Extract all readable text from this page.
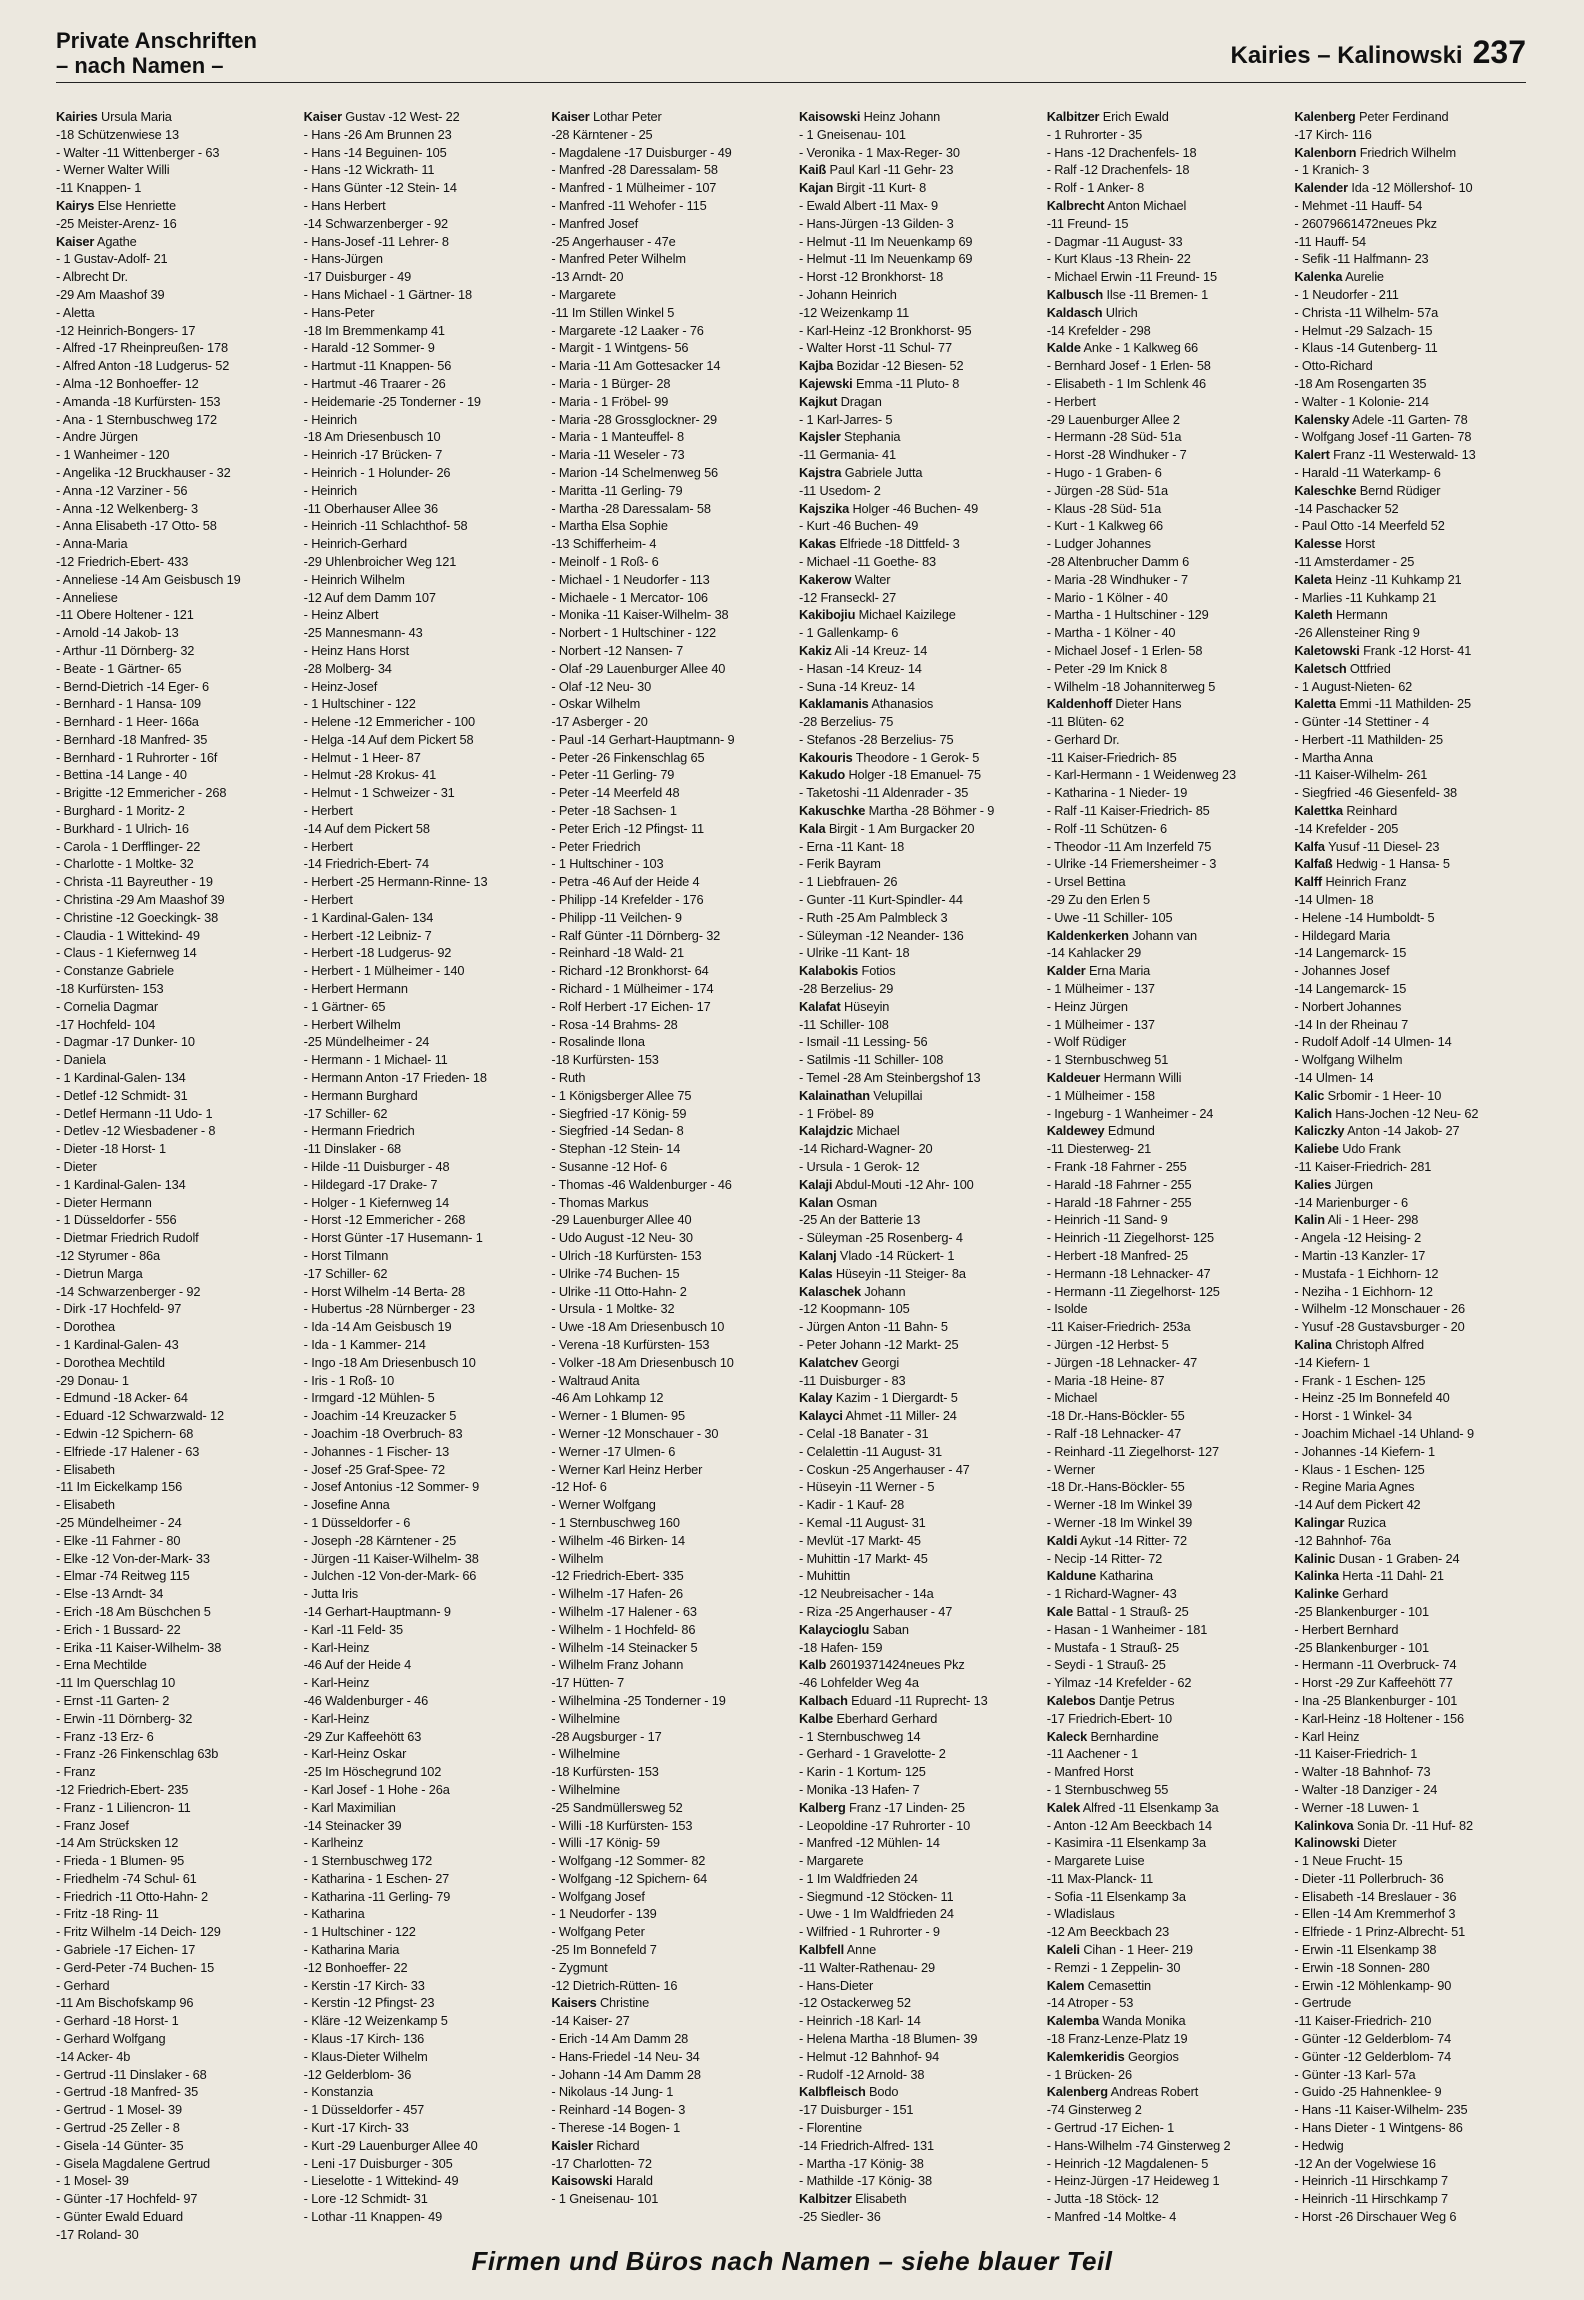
Private Anschriften
– nach Namen –	Kairies – Kalinowski 237
Kairies Ursula Maria
-18 Schützenwiese 13
- Walter -11 Wittenberger - 63
- Werner Walter Willi
-11 Knappen- 1
Kairys Else Henriette
-25 Meister-Arenz- 16
Kaiser Agathe
- 1 Gustav-Adolf- 21
- Albrecht Dr.
-29 Am Maashof 39
- Aletta
-12 Heinrich-Bongers- 17
- Alfred -17 Rheinpreußen- 178
- Alfred Anton -18 Ludgerus- 52
- Alma -12 Bonhoeffer- 12
- Amanda -18 Kurfürsten- 153
- Ana - 1 Sternbuschweg 172
- Andre Jürgen
- 1 Wanheimer - 120
- Angelika -12 Bruckhauser - 32
- Anna -12 Varziner - 56
- Anna -12 Welkenberg- 3
- Anna Elisabeth -17 Otto- 58
- Anna-Maria
-12 Friedrich-Ebert- 433
- Anneliese -14 Am Geisbusch 19
- Anneliese
-11 Obere Holtener - 121
- Arnold -14 Jakob- 13
- Arthur -11 Dörnberg- 32
- Beate - 1 Gärtner- 65
- Bernd-Dietrich -14 Eger- 6
- Bernhard - 1 Hansa- 109
- Bernhard - 1 Heer- 166a
- Bernhard -18 Manfred- 35
- Bernhard - 1 Ruhrorter - 16f
- Bettina -14 Lange - 40
- Brigitte -12 Emmericher - 268
- Burghard - 1 Moritz- 2
- Burkhard - 1 Ulrich- 16
- Carola - 1 Derfflinger- 22
- Charlotte - 1 Moltke- 32
- Christa -11 Bayreuther - 19
- Christina -29 Am Maashof 39
- Christine -12 Goeckingk- 38
- Claudia - 1 Wittekind- 49
- Claus - 1 Kiefernweg 14
- Constanze Gabriele
-18 Kurfürsten- 153
- Cornelia Dagmar
-17 Hochfeld- 104
- Dagmar -17 Dunker- 10
- Daniela
- 1 Kardinal-Galen- 134
- Detlef -12 Schmidt- 31
- Detlef Hermann -11 Udo- 1
- Detlev -12 Wiesbadener - 8
- Dieter -18 Horst- 1
- Dieter
- 1 Kardinal-Galen- 134
- Dieter Hermann
- 1 Düsseldorfer - 556
- Dietmar Friedrich Rudolf
-12 Styrumer - 86a
- Dietrun Marga
-14 Schwarzenberger - 92
- Dirk -17 Hochfeld- 97
- Dorothea
- 1 Kardinal-Galen- 43
- Dorothea Mechtild
-29 Donau- 1
- Edmund -18 Acker- 64
- Eduard -12 Schwarzwald- 12
- Edwin -12 Spichern- 68
- Elfriede -17 Halener - 63
- Elisabeth
-11 Im Eickelkamp 156
- Elisabeth
-25 Mündelheimer - 24
- Elke -11 Fahrner - 80
- Elke -12 Von-der-Mark- 33
- Elmar -74 Reitweg 115
- Else -13 Arndt- 34
- Erich -18 Am Büschchen 5
- Erich - 1 Bussard- 22
- Erika -11 Kaiser-Wilhelm- 38
- Erna Mechtilde
-11 Im Querschlag 10
- Ernst -11 Garten- 2
- Erwin -11 Dörnberg- 32
- Franz -13 Erz- 6
- Franz -26 Finkenschlag 63b
- Franz
-12 Friedrich-Ebert- 235
- Franz - 1 Liliencron- 11
- Franz Josef
-14 Am Strücksken 12
- Frieda - 1 Blumen- 95
- Friedhelm -74 Schul- 61
- Friedrich -11 Otto-Hahn- 2
- Fritz -18 Ring- 11
- Fritz Wilhelm -14 Deich- 129
- Gabriele -17 Eichen- 17
- Gerd-Peter -74 Buchen- 15
- Gerhard
-11 Am Bischofskamp 96
- Gerhard -18 Horst- 1
- Gerhard Wolfgang
-14 Acker- 4b
- Gertrud -11 Dinslaker - 68
- Gertrud -18 Manfred- 35
- Gertrud - 1 Mosel- 39
- Gertrud -25 Zeller - 8
- Gisela -14 Günter- 35
- Gisela Magdalene Gertrud
- 1 Mosel- 39
- Günter -17 Hochfeld- 97
- Günter Ewald Eduard
-17 Roland- 30
Kaiser Gustav -12 West- 22
- Hans -26 Am Brunnen 23
- Hans -14 Beguinen- 105
- Hans -12 Wickrath- 11
- Hans Günter -12 Stein- 14
- Hans Herbert
-14 Schwarzenberger - 92
- Hans-Josef -11 Lehrer- 8
- Hans-Jürgen
-17 Duisburger - 49
- Hans Michael - 1 Gärtner- 18
- Hans-Peter
-18 Im Bremmenkamp 41
- Harald -12 Sommer- 9
- Hartmut -11 Knappen- 56
- Hartmut -46 Traarer - 26
- Heidemarie -25 Tonderner - 19
- Heinrich
-18 Am Driesenbusch 10
- Heinrich -17 Brücken- 7
- Heinrich - 1 Holunder- 26
- Heinrich
-11 Oberhauser Allee 36
- Heinrich -11 Schlachthof- 58
- Heinrich-Gerhard
-29 Uhlenbroicher Weg 121
- Heinrich Wilhelm
-12 Auf dem Damm 107
- Heinz Albert
-25 Mannesmann- 43
- Heinz Hans Horst
-28 Molberg- 34
- Heinz-Josef
- 1 Hultschiner - 122
- Helene -12 Emmericher - 100
- Helga -14 Auf dem Pickert 58
- Helmut - 1 Heer- 87
- Helmut -28 Krokus- 41
- Helmut - 1 Schweizer - 31
- Herbert
-14 Auf dem Pickert 58
- Herbert
-14 Friedrich-Ebert- 74
- Herbert -25 Hermann-Rinne- 13
- Herbert
- 1 Kardinal-Galen- 134
- Herbert -12 Leibniz- 7
- Herbert -18 Ludgerus- 92
- Herbert - 1 Mülheimer - 140
- Herbert Hermann
- 1 Gärtner- 65
- Herbert Wilhelm
-25 Mündelheimer - 24
- Hermann - 1 Michael- 11
- Hermann Anton -17 Frieden- 18
- Hermann Burghard
-17 Schiller- 62
- Hermann Friedrich
-11 Dinslaker - 68
- Hilde -11 Duisburger - 48
- Hildegard -17 Drake- 7
- Holger - 1 Kiefernweg 14
- Horst -12 Emmericher - 268
- Horst Günter -17 Husemann- 1
- Horst Tilmann
-17 Schiller- 62
- Horst Wilhelm -14 Berta- 28
- Hubertus -28 Nürnberger - 23
- Ida -14 Am Geisbusch 19
- Ida - 1 Kammer- 214
- Ingo -18 Am Driesenbusch 10
- Iris - 1 Roß- 10
- Irmgard -12 Mühlen- 5
- Joachim -14 Kreuzacker 5
- Joachim -18 Overbruch- 83
- Johannes - 1 Fischer- 13
- Josef -25 Graf-Spee- 72
- Josef Antonius -12 Sommer- 9
- Josefine Anna
- 1 Düsseldorfer - 6
- Joseph -28 Kärntener - 25
- Jürgen -11 Kaiser-Wilhelm- 38
- Julchen -12 Von-der-Mark- 66
- Jutta Iris
-14 Gerhart-Hauptmann- 9
- Karl -11 Feld- 35
- Karl-Heinz
-46 Auf der Heide 4
- Karl-Heinz
-46 Waldenburger - 46
- Karl-Heinz
-29 Zur Kaffeehött 63
- Karl-Heinz Oskar
-25 Im Höschegrund 102
- Karl Josef - 1 Hohe - 26a
- Karl Maximilian
-14 Steinacker 39
- Karlheinz
- 1 Sternbuschweg 172
- Katharina - 1 Eschen- 27
- Katharina -11 Gerling- 79
- Katharina
- 1 Hultschiner - 122
- Katharina Maria
-12 Bonhoeffer- 22
- Kerstin -17 Kirch- 33
- Kerstin -12 Pfingst- 23
- Kläre -12 Weizenkamp 5
- Klaus -17 Kirch- 136
- Klaus-Dieter Wilhelm
-12 Gelderblom- 36
- Konstanzia
- 1 Düsseldorfer - 457
- Kurt -17 Kirch- 33
- Kurt -29 Lauenburger Allee 40
- Leni -17 Duisburger - 305
- Lieselotte - 1 Wittekind- 49
- Lore -12 Schmidt- 31
- Lothar -11 Knappen- 49
Kaiser Lothar Peter
-28 Kärntener - 25
- Magdalene -17 Duisburger - 49
- Manfred -28 Daressalam- 58
- Manfred - 1 Mülheimer - 107
- Manfred -11 Wehofer - 115
- Manfred Josef
-25 Angerhauser - 47e
- Manfred Peter Wilhelm
-13 Arndt- 20
- Margarete
-11 Im Stillen Winkel 5
- Margarete -12 Laaker - 76
- Margit - 1 Wintgens- 56
- Maria -11 Am Gottesacker 14
- Maria - 1 Bürger- 28
- Maria - 1 Fröbel- 99
- Maria -28 Grossglockner- 29
- Maria - 1 Manteuffel- 8
- Maria -11 Weseler - 73
- Marion -14 Schelmenweg 56
- Maritta -11 Gerling- 79
- Martha -28 Daressalam- 58
- Martha Elsa Sophie
-13 Schifferheim- 4
- Meinolf - 1 Roß- 6
- Michael - 1 Neudorfer - 113
- Michaele - 1 Mercator- 106
- Monika -11 Kaiser-Wilhelm- 38
- Norbert - 1 Hultschiner - 122
- Norbert -12 Nansen- 7
- Olaf -29 Lauenburger Allee 40
- Olaf -12 Neu- 30
- Oskar Wilhelm
-17 Asberger - 20
- Paul -14 Gerhart-Hauptmann- 9
- Peter -26 Finkenschlag 65
- Peter -11 Gerling- 79
- Peter -14 Meerfeld 48
- Peter -18 Sachsen- 1
- Peter Erich -12 Pfingst- 11
- Peter Friedrich
- 1 Hultschiner - 103
- Petra -46 Auf der Heide 4
- Philipp -14 Krefelder - 176
- Philipp -11 Veilchen- 9
- Ralf Günter -11 Dörnberg- 32
- Reinhard -18 Wald- 21
- Richard -12 Bronkhorst- 64
- Richard - 1 Mülheimer - 174
- Rolf Herbert -17 Eichen- 17
- Rosa -14 Brahms- 28
- Rosalinde Ilona
-18 Kurfürsten- 153
- Ruth
- 1 Königsberger Allee 75
- Siegfried -17 König- 59
- Siegfried -14 Sedan- 8
- Stephan -12 Stein- 14
- Susanne -12 Hof- 6
- Thomas -46 Waldenburger - 46
- Thomas Markus
-29 Lauenburger Allee 40
- Udo August -12 Neu- 30
- Ulrich -18 Kurfürsten- 153
- Ulrike -74 Buchen- 15
- Ulrike -11 Otto-Hahn- 2
- Ursula - 1 Moltke- 32
- Uwe -18 Am Driesenbusch 10
- Verena -18 Kurfürsten- 153
- Volker -18 Am Driesenbusch 10
- Waltraud Anita
-46 Am Lohkamp 12
- Werner - 1 Blumen- 95
- Werner -12 Monschauer - 30
- Werner -17 Ulmen- 6
- Werner Karl Heinz Herber
-12 Hof- 6
- Werner Wolfgang
- 1 Sternbuschweg 160
- Wilhelm -46 Birken- 14
- Wilhelm
-12 Friedrich-Ebert- 335
- Wilhelm -17 Hafen- 26
- Wilhelm -17 Halener - 63
- Wilhelm - 1 Hochfeld- 86
- Wilhelm -14 Steinacker 5
- Wilhelm Franz Johann
-17 Hütten- 7
- Wilhelmina -25 Tonderner - 19
- Wilhelmine
-28 Augsburger - 17
- Wilhelmine
-18 Kurfürsten- 153
- Wilhelmine
-25 Sandmüllersweg 52
- Willi -18 Kurfürsten- 153
- Willi -17 König- 59
- Wolfgang -12 Sommer- 82
- Wolfgang -12 Spichern- 64
- Wolfgang Josef
- 1 Neudorfer - 139
- Wolfgang Peter
-25 Im Bonnefeld 7
- Zygmunt
-12 Dietrich-Rütten- 16
Kaisers Christine
-14 Kaiser- 27
- Erich -14 Am Damm 28
- Hans-Friedel -14 Neu- 34
- Johann -14 Am Damm 28
- Nikolaus -14 Jung- 1
- Reinhard -14 Bogen- 3
- Therese -14 Bogen- 1
Kaisler Richard
-17 Charlotten- 72
Kaisowski Harald
- 1 Gneisenau- 101
Kaisowski Heinz Johann
- 1 Gneisenau- 101
- Veronika - 1 Max-Reger- 30
Kaiß Paul Karl -11 Gehr- 23
Kajan Birgit -11 Kurt- 8
- Ewald Albert -11 Max- 9
- Hans-Jürgen -13 Gilden- 3
- Helmut -11 Im Neuenkamp 69
- Helmut -11 Im Neuenkamp 69
- Horst -12 Bronkhorst- 18
- Johann Heinrich
-12 Weizenkamp 11
- Karl-Heinz -12 Bronkhorst- 95
- Walter Horst -11 Schul- 77
Kajba Bozidar -12 Biesen- 52
Kajewski Emma -11 Pluto- 8
Kajkut Dragan
- 1 Karl-Jarres- 5
Kajsler Stephania
-11 Germania- 41
Kajstra Gabriele Jutta
-11 Usedom- 2
Kajszika Holger -46 Buchen- 49
- Kurt -46 Buchen- 49
Kakas Elfriede -18 Dittfeld- 3
- Michael -11 Goethe- 83
Kakerow Walter
-12 Franseckl- 27
Kakibojiu Michael Kaizilege
- 1 Gallenkamp- 6
Kakiz Ali -14 Kreuz- 14
- Hasan -14 Kreuz- 14
- Suna -14 Kreuz- 14
Kaklamanis Athanasios
-28 Berzelius- 75
- Stefanos -28 Berzelius- 75
Kakouris Theodore - 1 Gerok- 5
Kakudo Holger -18 Emanuel- 75
- Taketoshi -11 Aldenrader - 35
Kakuschke Martha -28 Böhmer - 9
Kala Birgit - 1 Am Burgacker 20
- Erna -11 Kant- 18
- Ferik Bayram
- 1 Liebfrauen- 26
- Gunter -11 Kurt-Spindler- 44
- Ruth -25 Am Palmbleck 3
- Süleyman -12 Neander- 136
- Ulrike -11 Kant- 18
Kalabokis Fotios
-28 Berzelius- 29
Kalafat Hüseyin
-11 Schiller- 108
- Ismail -11 Lessing- 56
- Satilmis -11 Schiller- 108
- Temel -28 Am Steinbergshof 13
Kalainathan Velupillai
- 1 Fröbel- 89
Kalajdzic Michael
-14 Richard-Wagner- 20
- Ursula - 1 Gerok- 12
Kalaji Abdul-Mouti -12 Ahr- 100
Kalan Osman
-25 An der Batterie 13
- Süleyman -25 Rosenberg- 4
Kalanj Vlado -14 Rückert- 1
Kalas Hüseyin -11 Steiger- 8a
Kalaschek Johann
-12 Koopmann- 105
- Jürgen Anton -11 Bahn- 5
- Peter Johann -12 Markt- 25
Kalatchev Georgi
-11 Duisburger - 83
Kalay Kazim - 1 Diergardt- 5
Kalayci Ahmet -11 Miller- 24
- Celal -18 Banater - 31
- Celalettin -11 August- 31
- Coskun -25 Angerhauser - 47
- Hüseyin -11 Werner - 5
- Kadir - 1 Kauf- 28
- Kemal -11 August- 31
- Mevlüt -17 Markt- 45
- Muhittin -17 Markt- 45
- Muhittin
-12 Neubreisacher - 14a
- Riza -25 Angerhauser - 47
Kalaycioglu Saban
-18 Hafen- 159
Kalb 26019371424neues Pkz
-46 Lohfelder Weg 4a
Kalbach Eduard -11 Ruprecht- 13
Kalbe Eberhard Gerhard
- 1 Sternbuschweg 14
- Gerhard - 1 Gravelotte- 2
- Karin - 1 Kortum- 125
- Monika -13 Hafen- 7
Kalberg Franz -17 Linden- 25
- Leopoldine -17 Ruhrorter - 10
- Manfred -12 Mühlen- 14
- Margarete
- 1 Im Waldfrieden 24
- Siegmund -12 Stöcken- 11
- Uwe - 1 Im Waldfrieden 24
- Wilfried - 1 Ruhrorter - 9
Kalbfell Anne
-11 Walter-Rathenau- 29
- Hans-Dieter
-12 Ostackerweg 52
- Heinrich -18 Karl- 14
- Helena Martha -18 Blumen- 39
- Helmut -12 Bahnhof- 94
- Rudolf -12 Arnold- 38
Kalbfleisch Bodo
-17 Duisburger - 151
- Florentine
-14 Friedrich-Alfred- 131
- Martha -17 König- 38
- Mathilde -17 König- 38
Kalbitzer Elisabeth
-25 Siedler- 36
Kalbitzer Erich Ewald
- 1 Ruhrorter - 35
- Hans -12 Drachenfels- 18
- Ralf -12 Drachenfels- 18
- Rolf - 1 Anker- 8
Kalbrecht Anton Michael
-11 Freund- 15
- Dagmar -11 August- 33
- Kurt Klaus -13 Rhein- 22
- Michael Erwin -11 Freund- 15
Kalbusch Ilse -11 Bremen- 1
Kaldasch Ulrich
-14 Krefelder - 298
Kalde Anke - 1 Kalkweg 66
- Bernhard Josef - 1 Erlen- 58
- Elisabeth - 1 Im Schlenk 46
- Herbert
-29 Lauenburger Allee 2
- Hermann -28 Süd- 51a
- Horst -28 Windhuker - 7
- Hugo - 1 Graben- 6
- Jürgen -28 Süd- 51a
- Klaus -28 Süd- 51a
- Kurt - 1 Kalkweg 66
- Ludger Johannes
-28 Altenbrucher Damm 6
- Maria -28 Windhuker - 7
- Mario - 1 Kölner - 40
- Martha - 1 Hultschiner - 129
- Martha - 1 Kölner - 40
- Michael Josef - 1 Erlen- 58
- Peter -29 Im Knick 8
- Wilhelm -18 Johanniterweg 5
Kaldenhoff Dieter Hans
-11 Blüten- 62
- Gerhard Dr.
-11 Kaiser-Friedrich- 85
- Karl-Hermann - 1 Weidenweg 23
- Katharina - 1 Nieder- 19
- Ralf -11 Kaiser-Friedrich- 85
- Rolf -11 Schützen- 6
- Theodor -11 Am Inzerfeld 75
- Ulrike -14 Friemersheimer - 3
- Ursel Bettina
-29 Zu den Erlen 5
- Uwe -11 Schiller- 105
Kaldenkerken Johann van
-14 Kahlacker 29
Kalder Erna Maria
- 1 Mülheimer - 137
- Heinz Jürgen
- 1 Mülheimer - 137
- Wolf Rüdiger
- 1 Sternbuschweg 51
Kaldeuer Hermann Willi
- 1 Mülheimer - 158
- Ingeburg - 1 Wanheimer - 24
Kaldewey Edmund
-11 Diesterweg- 21
- Frank -18 Fahrner - 255
- Harald -18 Fahrner - 255
- Harald -18 Fahrner - 255
- Heinrich -11 Sand- 9
- Heinrich -11 Ziegelhorst- 125
- Herbert -18 Manfred- 25
- Hermann -18 Lehnacker- 47
- Hermann -11 Ziegelhorst- 125
- Isolde
-11 Kaiser-Friedrich- 253a
- Jürgen -12 Herbst- 5
- Jürgen -18 Lehnacker- 47
- Maria -18 Heine- 87
- Michael
-18 Dr.-Hans-Böckler- 55
- Ralf -18 Lehnacker- 47
- Reinhard -11 Ziegelhorst- 127
- Werner
-18 Dr.-Hans-Böckler- 55
- Werner -18 Im Winkel 39
- Werner -18 Im Winkel 39
Kaldi Aykut -14 Ritter- 72
- Necip -14 Ritter- 72
Kaldune Katharina
- 1 Richard-Wagner- 43
Kale Battal - 1 Strauß- 25
- Hasan - 1 Wanheimer - 181
- Mustafa - 1 Strauß- 25
- Seydi - 1 Strauß- 25
- Yilmaz -14 Krefelder - 62
Kalebos Dantje Petrus
-17 Friedrich-Ebert- 10
Kaleck Bernhardine
-11 Aachener - 1
- Manfred Horst
- 1 Sternbuschweg 55
Kalek Alfred -11 Elsenkamp 3a
- Anton -12 Am Beeckbach 14
- Kasimira -11 Elsenkamp 3a
- Margarete Luise
-11 Max-Planck- 11
- Sofia -11 Elsenkamp 3a
- Wladislaus
-12 Am Beeckbach 23
Kaleli Cihan - 1 Heer- 219
- Remzi - 1 Zeppelin- 30
Kalem Cemasettin
-14 Atroper - 53
Kalemba Wanda Monika
-18 Franz-Lenze-Platz 19
Kalemkeridis Georgios
- 1 Brücken- 26
Kalenberg Andreas Robert
-74 Ginsterweg 2
- Gertrud -17 Eichen- 1
- Hans-Wilhelm -74 Ginsterweg 2
- Heinrich -12 Magdalenen- 5
- Heinz-Jürgen -17 Heideweg 1
- Jutta -18 Stöck- 12
- Manfred -14 Moltke- 4
Kalenberg Peter Ferdinand
-17 Kirch- 116
Kalenborn Friedrich Wilhelm
- 1 Kranich- 3
Kalender Ida -12 Möllershof- 10
- Mehmet -11 Hauff- 54
- 26079661472neues Pkz
-11 Hauff- 54
- Sefik -11 Halfmann- 23
Kalenka Aurelie
- 1 Neudorfer - 211
- Christa -11 Wilhelm- 57a
- Helmut -29 Salzach- 15
- Klaus -14 Gutenberg- 11
- Otto-Richard
-18 Am Rosengarten 35
- Walter - 1 Kolonie- 214
Kalensky Adele -11 Garten- 78
- Wolfgang Josef -11 Garten- 78
Kalert Franz -11 Westerwald- 13
- Harald -11 Waterkamp- 6
Kaleschke Bernd Rüdiger
-14 Paschacker 52
- Paul Otto -14 Meerfeld 52
Kalesse Horst
-11 Amsterdamer - 25
Kaleta Heinz -11 Kuhkamp 21
- Marlies -11 Kuhkamp 21
Kaleth Hermann
-26 Allensteiner Ring 9
Kaletowski Frank -12 Horst- 41
Kaletsch Ottfried
- 1 August-Nieten- 62
Kaletta Emmi -11 Mathilden- 25
- Günter -14 Stettiner - 4
- Herbert -11 Mathilden- 25
- Martha Anna
-11 Kaiser-Wilhelm- 261
- Siegfried -46 Giesenfeld- 38
Kalettka Reinhard
-14 Krefelder - 205
Kalfa Yusuf -11 Diesel- 23
Kalfaß Hedwig - 1 Hansa- 5
Kalff Heinrich Franz
-14 Ulmen- 18
- Helene -14 Humboldt- 5
- Hildegard Maria
-14 Langemarck- 15
- Johannes Josef
-14 Langemarck- 15
- Norbert Johannes
-14 In der Rheinau 7
- Rudolf Adolf -14 Ulmen- 14
- Wolfgang Wilhelm
-14 Ulmen- 14
Kalic Srbomir - 1 Heer- 10
Kalich Hans-Jochen -12 Neu- 62
Kaliczky Anton -14 Jakob- 27
Kaliebe Udo Frank
-11 Kaiser-Friedrich- 281
Kalies Jürgen
-14 Marienburger - 6
Kalin Ali - 1 Heer- 298
- Angela -12 Heising- 2
- Martin -13 Kanzler- 17
- Mustafa - 1 Eichhorn- 12
- Neziha - 1 Eichhorn- 12
- Wilhelm -12 Monschauer - 26
- Yusuf -28 Gustavsburger - 20
Kalina Christoph Alfred
-14 Kiefern- 1
- Frank - 1 Eschen- 125
- Heinz -25 Im Bonnefeld 40
- Horst - 1 Winkel- 34
- Joachim Michael -14 Uhland- 9
- Johannes -14 Kiefern- 1
- Klaus - 1 Eschen- 125
- Regine Maria Agnes
-14 Auf dem Pickert 42
Kalingar Ruzica
-12 Bahnhof- 76a
Kalinic Dusan - 1 Graben- 24
Kalinka Herta -11 Dahl- 21
Kalinke Gerhard
-25 Blankenburger - 101
- Herbert Bernhard
-25 Blankenburger - 101
- Hermann -11 Overbruck- 74
- Horst -29 Zur Kaffeehött 77
- Ina -25 Blankenburger - 101
- Karl-Heinz -18 Holtener - 156
- Karl Heinz
-11 Kaiser-Friedrich- 1
- Walter -18 Bahnhof- 73
- Walter -18 Danziger - 24
- Werner -18 Luwen- 1
Kalinkova Sonia Dr. -11 Huf- 82
Kalinowski Dieter
- 1 Neue Frucht- 15
- Dieter -11 Pollerbruch- 36
- Elisabeth -14 Breslauer - 36
- Ellen -14 Am Kremmerhof 3
- Elfriede - 1 Prinz-Albrecht- 51
- Erwin -11 Elsenkamp 38
- Erwin -18 Sonnen- 280
- Erwin -12 Möhlenkamp- 90
- Gertrude
-11 Kaiser-Friedrich- 210
- Günter -12 Gelderblom- 74
- Günter -12 Gelderblom- 74
- Günter -13 Karl- 57a
- Guido -25 Hahnenklee- 9
- Hans -11 Kaiser-Wilhelm- 235
- Hans Dieter - 1 Wintgens- 86
- Hedwig
-12 An der Vogelwiese 16
- Heinrich -11 Hirschkamp 7
- Heinrich -11 Hirschkamp 7
- Horst -26 Dirschauer Weg 6
Firmen und Büros nach Namen – siehe blauer Teil
